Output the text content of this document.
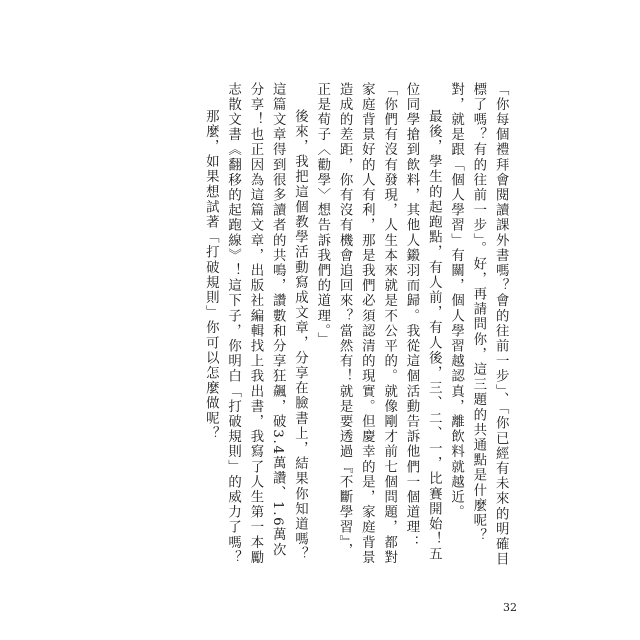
「你每個禮拜會閱讀課外書嗎？會的往前一步」、「你已經有未來的明確目標了嗎？有的往前一步」。好，再請問你，這三題的共通點是什麼呢？對，就是跟「個人學習」有關，個人學習越認真，離飲料就越近。

最後，學生的起跑點，有人前，有人後，三、二、一，比賽開始！五位同學搶到飲料，其他人鎩羽而歸。我從這個活動告訴他們一個道理：「你們有沒有發現，人生本來就是不公平的。就像剛才前七個問題，都對家庭背景好的人有利，那是我們必須認清的現實。但慶幸的是，家庭背景造成的差距，你有沒有機會追回來？當然有！就是要透過『不斷學習』，正是荀子〈勸學〉想告訴我們的道理。」

後來，我把這個教學活動寫成文章，分享在臉書上，結果你知道嗎？這篇文章得到很多讀者的共鳴，讚數和分享狂飆，破3.4萬讚、1.6萬次分享！也正因為這篇文章，出版社編輯找上我出書，我寫了人生第一本勵志散文書《翻移的起跑線》！這下子，你明白「打破規則」的威力了嗎？

那麼，如果想試著「打破規則」你可以怎麼做呢？

32
